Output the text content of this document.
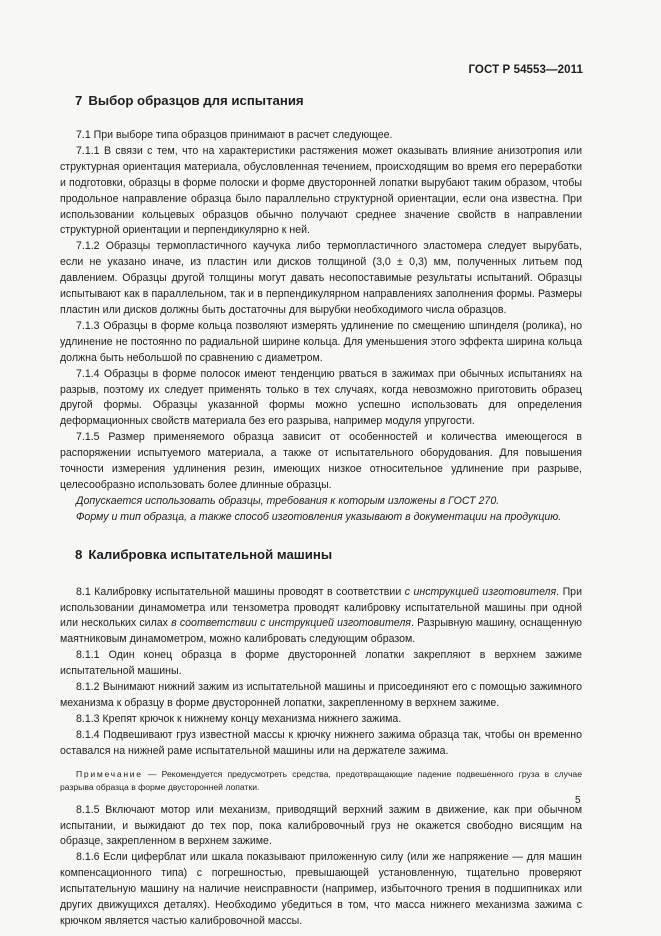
ГОСТ Р 54553—2011
7 Выбор образцов для испытания

7.1 При выборе типа образцов принимают в расчет следующее.

7.1.1 В связи с тем, что на характеристики растяжения может оказывать влияние анизотропия или структурная ориентация материала, обусловленная течением, происходящим во время его переработки и подготовки, образцы в форме полоски и форме двусторонней лопатки вырубают таким образом, чтобы продольное направление образца было параллельно структурной ориентации, если она известна. При использовании кольцевых образцов обычно получают среднее значение свойств в направлении структурной ориентации и перпендикулярно к ней.

7.1.2 Образцы термопластичного каучука либо термопластичного эластомера следует вырубать, если не указано иначе, из пластин или дисков толщиной (3,0 ± 0,3) мм, полученных литьем под давлением. Образцы другой толщины могут давать несопоставимые результаты испытаний. Образцы испытывают как в параллельном, так и в перпендикулярном направлениях заполнения формы. Размеры пластин или дисков должны быть достаточны для вырубки необходимого числа образцов.

7.1.3 Образцы в форме кольца позволяют измерять удлинение по смещению шпинделя (ролика), но удлинение не постоянно по радиальной ширине кольца. Для уменьшения этого эффекта ширина кольца должна быть небольшой по сравнению с диаметром.

7.1.4 Образцы в форме полосок имеют тенденцию рваться в зажимах при обычных испытаниях на разрыв, поэтому их следует применять только в тех случаях, когда невозможно приготовить образец другой формы. Образцы указанной формы можно успешно использовать для определения деформационных свойств материала без его разрыва, например модуля упругости.

7.1.5 Размер применяемого образца зависит от особенностей и количества имеющегося в распоряжении испытуемого материала, а также от испытательного оборудования. Для повышения точности измерения удлинения резин, имеющих низкое относительное удлинение при разрыве, целесообразно использовать более длинные образцы.

Допускается использовать образцы, требования к которым изложены в ГОСТ 270.

Форму и тип образца, а также способ изготовления указывают в документации на продукцию.

8 Калибровка испытательной машины

8.1 Калибровку испытательной машины проводят в соответствии с инструкцией изготовителя. При использовании динамометра или тензометра проводят калибровку испытательной машины при одной или нескольких силах в соответствии с инструкцией изготовителя. Разрывную машину, оснащенную маятниковым динамометром, можно калибровать следующим образом.

8.1.1 Один конец образца в форме двусторонней лопатки закрепляют в верхнем зажиме испытательной машины.

8.1.2 Вынимают нижний зажим из испытательной машины и присоединяют его с помощью зажимного механизма к образцу в форме двусторонней лопатки, закрепленному в верхнем зажиме.

8.1.3 Крепят крючок к нижнему концу механизма нижнего зажима.

8.1.4 Подвешивают груз известной массы к крючку нижнего зажима образца так, чтобы он временно оставался на нижней раме испытательной машины или на держателе зажима.

Примечание — Рекомендуется предусмотреть средства, предотвращающие падение подвешенного груза в случае разрыва образца в форме двусторонней лопатки.

8.1.5 Включают мотор или механизм, приводящий верхний зажим в движение, как при обычном испытании, и выжидают до тех пор, пока калибровочный груз не окажется свободно висящим на образце, закрепленном в верхнем зажиме.

8.1.6 Если циферблат или шкала показывают приложенную силу (или же напряжение — для машин компенсационного типа) с погрешностью, превышающей установленную, тщательно проверяют испытательную машину на наличие неисправности (например, избыточного трения в подшипниках или других движущихся деталях). Необходимо убедиться в том, что масса нижнего механизма зажима с крючком является частью калибровочной массы.

5
